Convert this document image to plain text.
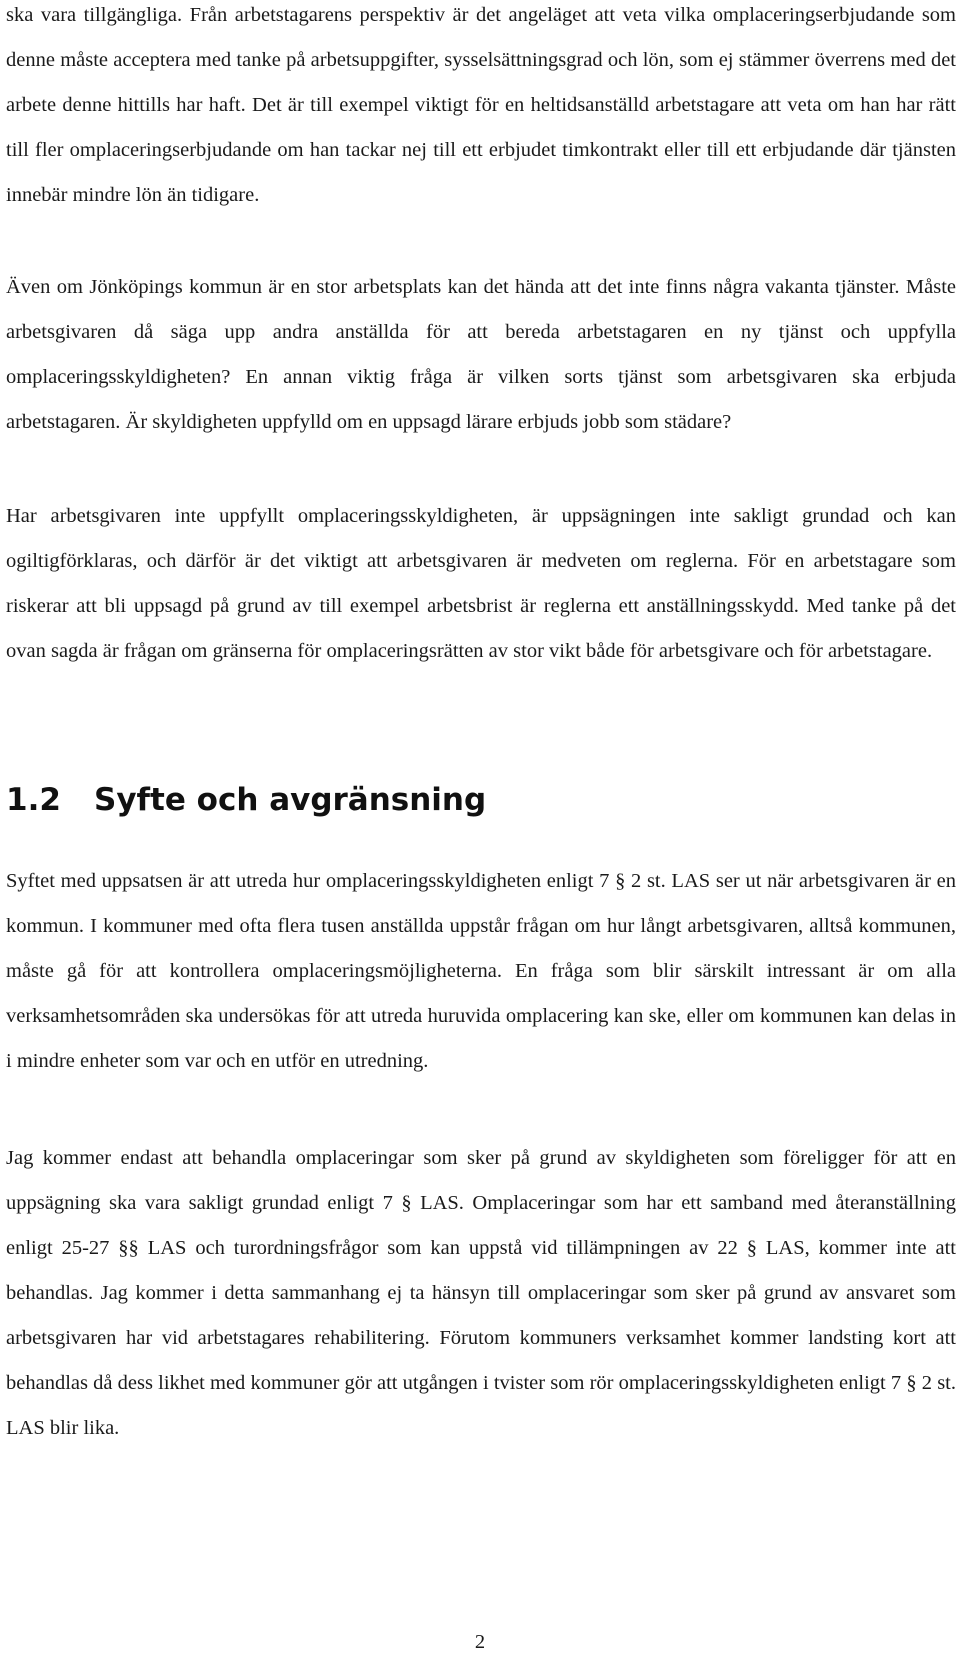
ska vara tillgängliga. Från arbetstagarens perspektiv är det angeläget att veta vilka omplaceringserbjudande som denne måste acceptera med tanke på arbetsuppgifter, sysselsättningsgrad och lön, som ej stämmer överrens med det arbete denne hittills har haft. Det är till exempel viktigt för en heltidsanställd arbetstagare att veta om han har rätt till fler omplaceringserbjudande om han tackar nej till ett erbjudet timkontrakt eller till ett erbjudande där tjänsten innebär mindre lön än tidigare.

Även om Jönköpings kommun är en stor arbetsplats kan det hända att det inte finns några vakanta tjänster. Måste arbetsgivaren då säga upp andra anställda för att bereda arbetstagaren en ny tjänst och uppfylla omplaceringsskyldigheten? En annan viktig fråga är vilken sorts tjänst som arbetsgivaren ska erbjuda arbetstagaren. Är skyldigheten uppfylld om en uppsagd lärare erbjuds jobb som städare?

Har arbetsgivaren inte uppfyllt omplaceringsskyldigheten, är uppsägningen inte sakligt grundad och kan ogiltigförklaras, och därför är det viktigt att arbetsgivaren är medveten om reglerna. För en arbetstagare som riskerar att bli uppsagd på grund av till exempel arbetsbrist är reglerna ett anställningsskydd. Med tanke på det ovan sagda är frågan om gränserna för omplaceringsrätten av stor vikt både för arbetsgivare och för arbetstagare.

1.2 Syfte och avgränsning

Syftet med uppsatsen är att utreda hur omplaceringsskyldigheten enligt 7 § 2 st. LAS ser ut när arbetsgivaren är en kommun. I kommuner med ofta flera tusen anställda uppstår frågan om hur långt arbetsgivaren, alltså kommunen, måste gå för att kontrollera omplaceringsmöjligheterna. En fråga som blir särskilt intressant är om alla verksamhetsområden ska undersökas för att utreda huruvida omplacering kan ske, eller om kommunen kan delas in i mindre enheter som var och en utför en utredning.

Jag kommer endast att behandla omplaceringar som sker på grund av skyldigheten som föreligger för att en uppsägning ska vara sakligt grundad enligt 7 § LAS. Omplaceringar som har ett samband med återanställning enligt 25-27 §§ LAS och turordningsfrågor som kan uppstå vid tillämpningen av 22 § LAS, kommer inte att behandlas. Jag kommer i detta sammanhang ej ta hänsyn till omplaceringar som sker på grund av ansvaret som arbetsgivaren har vid arbetstagares rehabilitering. Förutom kommuners verksamhet kommer landsting kort att behandlas då dess likhet med kommuner gör att utgången i tvister som rör omplaceringsskyldigheten enligt 7 § 2 st. LAS blir lika.

2
